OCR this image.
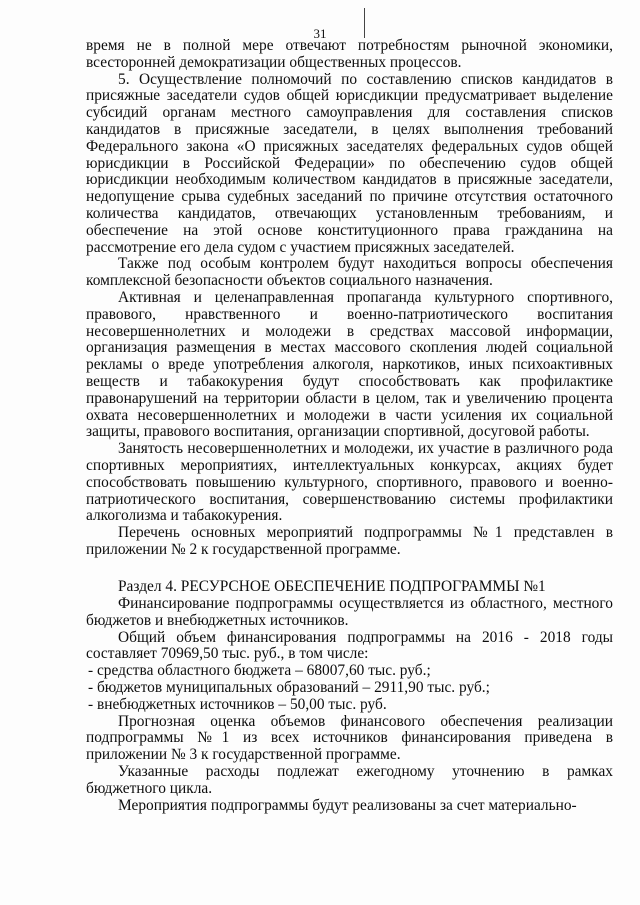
31

время не в полной мере отвечают потребностям рыночной экономики, всесторонней демократизации общественных процессов.

5. Осуществление полномочий по составлению списков кандидатов в присяжные заседатели судов общей юрисдикции предусматривает выделение субсидий органам местного самоуправления для составления списков кандидатов в присяжные заседатели, в целях выполнения требований Федерального закона «О присяжных заседателях федеральных судов общей юрисдикции в Российской Федерации» по обеспечению судов общей юрисдикции необходимым количеством кандидатов в присяжные заседатели, недопущение срыва судебных заседаний по причине отсутствия остаточного количества кандидатов, отвечающих установленным требованиям, и обеспечение на этой основе конституционного права гражданина на рассмотрение его дела судом с участием присяжных заседателей.

Также под особым контролем будут находиться вопросы обеспечения комплексной безопасности объектов социального назначения.

Активная и целенаправленная пропаганда культурного спортивного, правового, нравственного и военно-патриотического воспитания несовершеннолетних и молодежи в средствах массовой информации, организация размещения в местах массового скопления людей социальной рекламы о вреде употребления алкоголя, наркотиков, иных психоактивных веществ и табакокурения будут способствовать как профилактике правонарушений на территории области в целом, так и увеличению процента охвата несовершеннолетних и молодежи в части усиления их социальной защиты, правового воспитания, организации спортивной, досуговой работы.

Занятость несовершеннолетних и молодежи, их участие в различного рода спортивных мероприятиях, интеллектуальных конкурсах, акциях будет способствовать повышению культурного, спортивного, правового и военно-патриотического воспитания, совершенствованию системы профилактики алкоголизма и табакокурения.

Перечень основных мероприятий подпрограммы №1 представлен в приложении № 2 к государственной программе.

Раздел 4. РЕСУРСНОЕ ОБЕСПЕЧЕНИЕ ПОДПРОГРАММЫ №1

Финансирование подпрограммы осуществляется из областного, местного бюджетов и внебюджетных источников.

Общий объем финансирования подпрограммы на 2016 - 2018 годы составляет 70969,50 тыс. руб., в том числе:

- средства областного бюджета – 68007,60 тыс. руб.;

- бюджетов муниципальных образований – 2911,90 тыс. руб.;

- внебюджетных источников – 50,00 тыс. руб.

Прогнозная оценка объемов финансового обеспечения реализации подпрограммы №1 из всех источников финансирования приведена в приложении № 3 к государственной программе.

Указанные расходы подлежат ежегодному уточнению в рамках бюджетного цикла.

Мероприятия подпрограммы будут реализованы за счет материально-
